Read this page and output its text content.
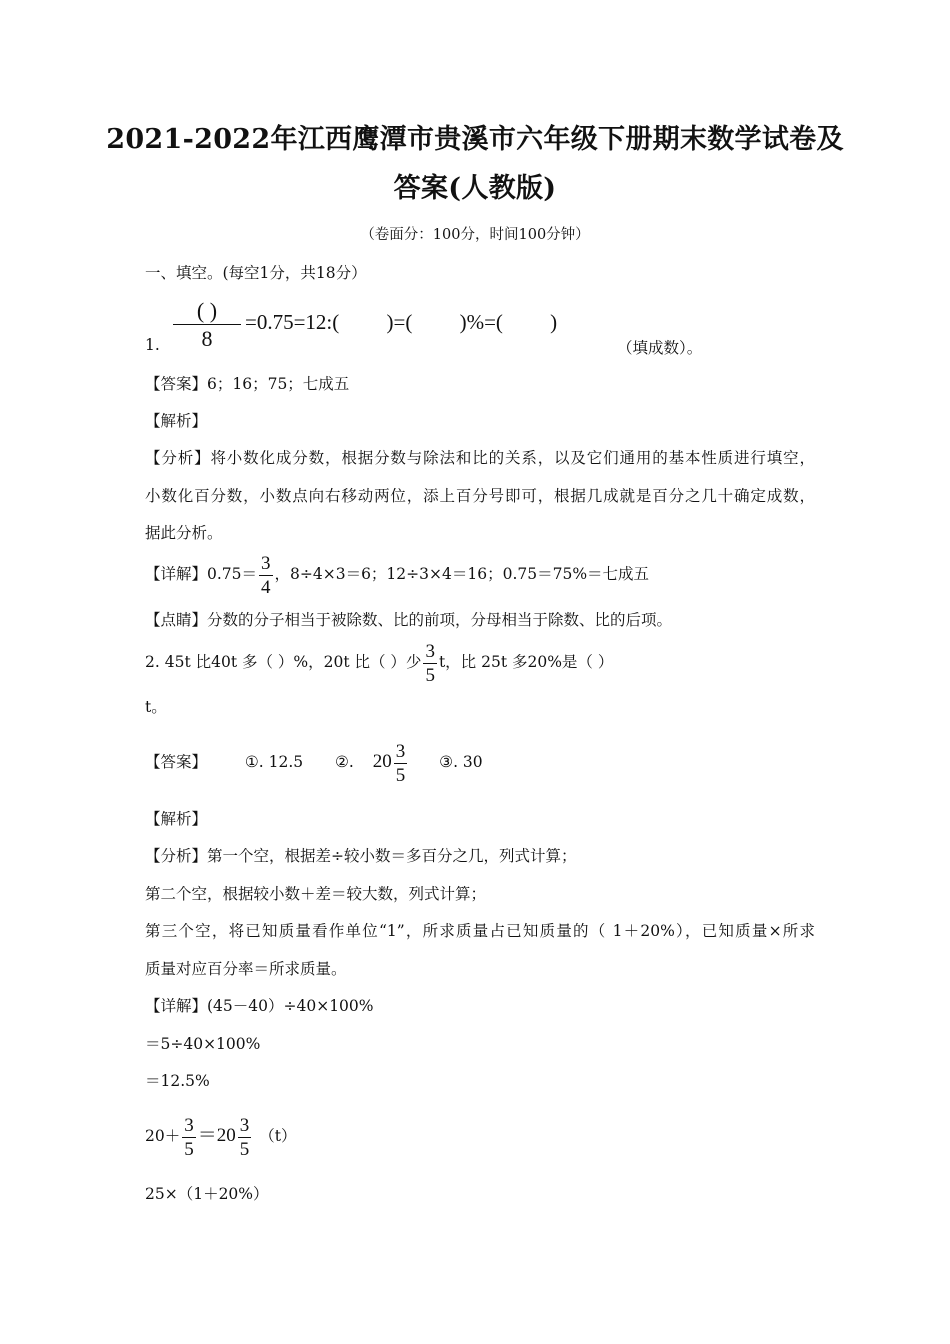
2021-2022年江西鹰潭市贵溪市六年级下册期末数学试卷及
答案(人教版)
（卷面分：100分，时间100分钟）
一、填空。(每空1分，共18分）
1.
( )
8
=0.75=12:(         )=(         )%=(         )
（填成数）。
【答案】6；16；75；七成五
【解析】
【分析】将小数化成分数，根据分数与除法和比的关系，以及它们通用的基本性质进行填空，
小数化百分数，小数点向右移动两位，添上百分号即可，根据几成就是百分之几十确定成数，
据此分析。
【详解】$0.75= \frac{3}{4}$ ，8÷4×3＝6；12÷3×4＝16；0.75＝75%＝七成五
【点睛】分数的分子相当于被除数、比的前项，分母相当于除数、比的后项。
2. 45t 比40t 多（ ）%，20t 比（ ）少 $\frac{3}{5}$ t，比 25t 多20%是（ ）
t。
【答案】 ①. 12.5 ②. $20 \frac{3}{5}$ ③. 30
【解析】
【分析】第一个空，根据差÷较小数＝多百分之几，列式计算；
第二个空，根据较小数＋差＝较大数，列式计算；
第三个空，将已知质量看作单位“1”，所求质量占已知质量的（ 1＋20%），已知质量×所求
质量对应百分率＝所求质量。
【详解】(45－40）÷40×100%
＝5÷40×100%
＝12.5%
$20+ \frac{3}{5} =20 \frac{3}{5} (t)$
25×（1＋20%）
